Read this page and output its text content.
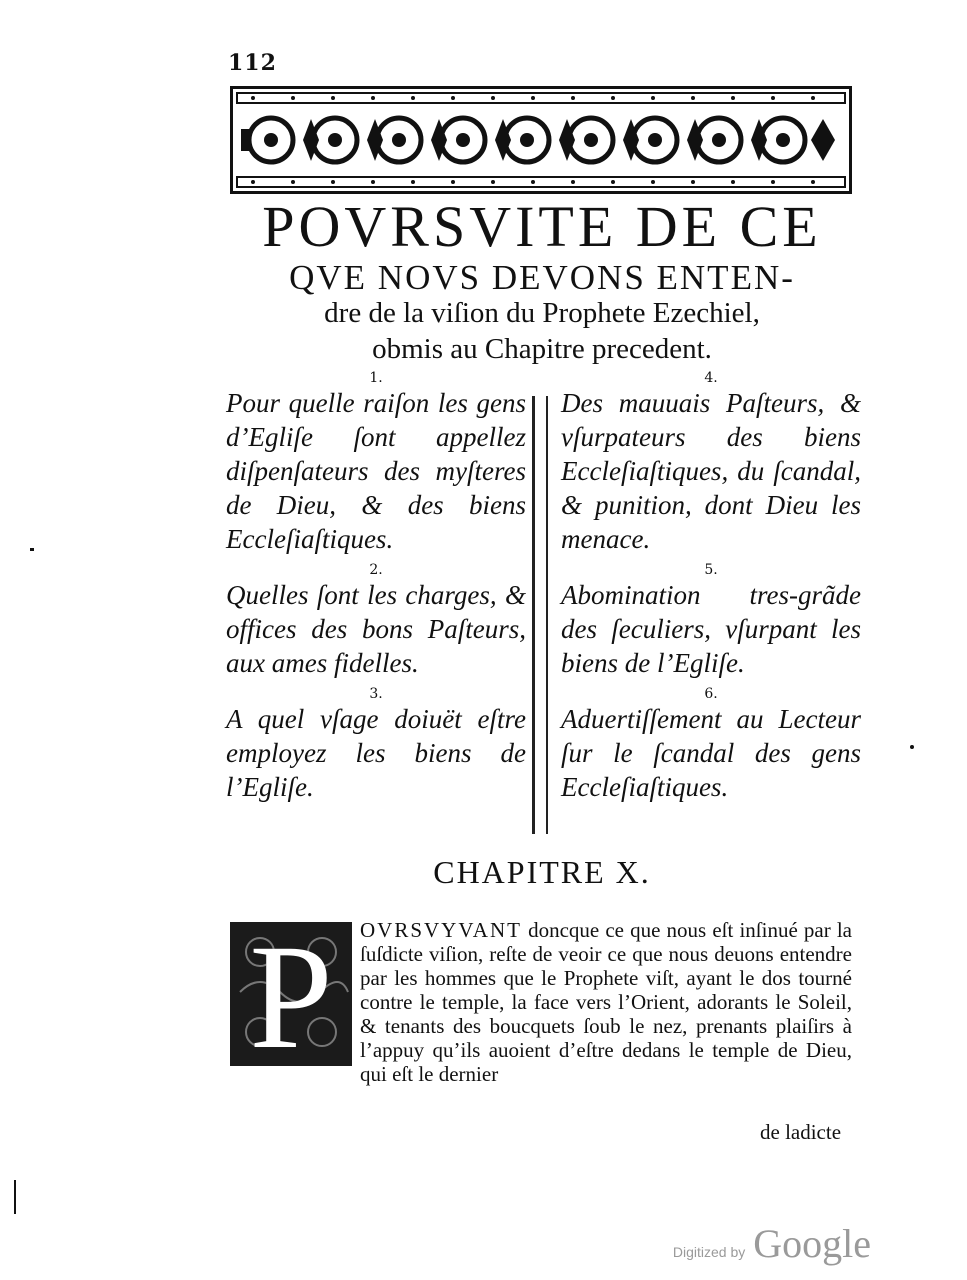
112
POVRSVITE DE CE
QVE NOVS DEVONS ENTEN-
dre de la viſion du Prophete Ezechiel,
obmis au Chapitre precedent.
1.

Pour quelle raiſon les gens d’Egliſe ſont appellez diſpenſateurs des myſteres de Dieu, & des biens Eccleſiaſtiques.

2.

Quelles ſont les charges, & offices des bons Paſteurs, aux ames fidelles.

3.

A quel vſage doiuët eſtre employez les biens de l’Egliſe.

4.

Des mauuais Paſteurs, & vſurpateurs des biens Eccleſiaſtiques, du ſcandal, & punition, dont Dieu les menace.

5.

Abomination tres-grãde des ſeculiers, vſurpant les biens de l’Egliſe.

6.

Aduertiſſement au Lecteur ſur le ſcandal des gens Eccleſiaſtiques.

CHAPITRE X.
P	OVRSVYVANT doncque ce que nous eſt inſinué par la ſuſdicte viſion, reſte de veoir ce que nous deuons entendre par les hommes que le Prophete viſt, ayant le dos tourné contre le temple, la face vers l’Orient, adorants le Soleil, & tenants des boucquets ſoub le nez, prenants plaiſirs à l’appuy qu’ils auoient d’eſtre dedans le temple de Dieu, qui eſt le dernier

de ladicte
Digitized by Google
